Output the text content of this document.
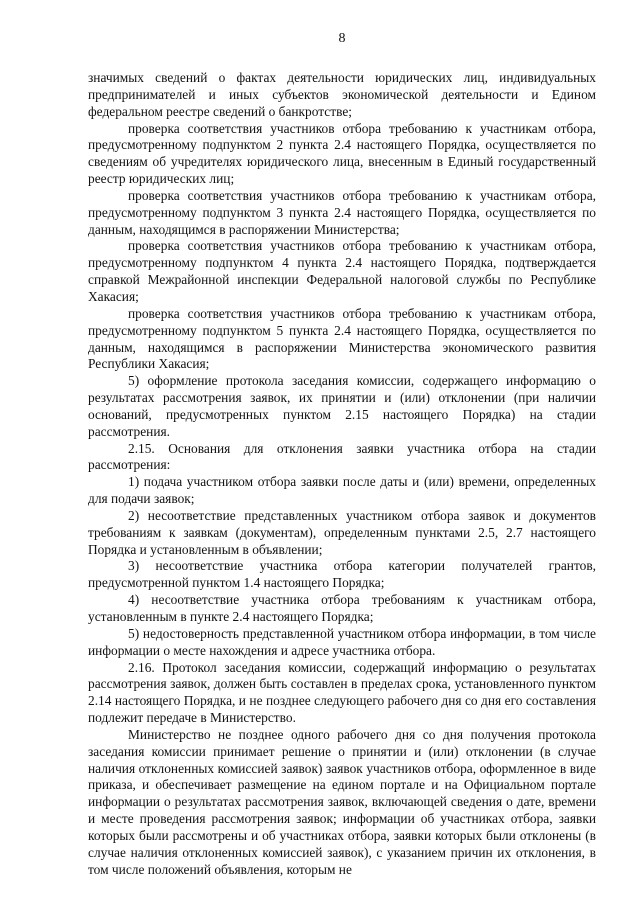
8

значимых сведений о фактах деятельности юридических лиц, индивидуальных предпринимателей и иных субъектов экономической деятельности и Едином федеральном реестре сведений о банкротстве;

проверка соответствия участников отбора требованию к участникам отбора, предусмотренному подпунктом 2 пункта 2.4 настоящего Порядка, осуществляется по сведениям об учредителях юридического лица, внесенным в Единый государственный реестр юридических лиц;

проверка соответствия участников отбора требованию к участникам отбора, предусмотренному подпунктом 3 пункта 2.4 настоящего Порядка, осуществляется по данным, находящимся в распоряжении Министерства;

проверка соответствия участников отбора требованию к участникам отбора, предусмотренному подпунктом 4 пункта 2.4 настоящего Порядка, подтверждается справкой Межрайонной инспекции Федеральной налоговой службы по Республике Хакасия;

проверка соответствия участников отбора требованию к участникам отбора, предусмотренному подпунктом 5 пункта 2.4 настоящего Порядка, осуществляется по данным, находящимся в распоряжении Министерства экономического развития Республики Хакасия;

5) оформление протокола заседания комиссии, содержащего информацию о результатах рассмотрения заявок, их принятии и (или) отклонении (при наличии оснований, предусмотренных пунктом 2.15 настоящего Порядка) на стадии рассмотрения.

2.15. Основания для отклонения заявки участника отбора на стадии рассмотрения:

1) подача участником отбора заявки после даты и (или) времени, определенных для подачи заявок;

2) несоответствие представленных участником отбора заявок и документов требованиям к заявкам (документам), определенным пунктами 2.5, 2.7 настоящего Порядка и установленным в объявлении;

3) несоответствие участника отбора категории получателей грантов, предусмотренной пунктом 1.4 настоящего Порядка;

4) несоответствие участника отбора требованиям к участникам отбора, установленным в пункте 2.4 настоящего Порядка;

5) недостоверность представленной участником отбора информации, в том числе информации о месте нахождения и адресе участника отбора.

2.16. Протокол заседания комиссии, содержащий информацию о результатах рассмотрения заявок, должен быть составлен в пределах срока, установленного пунктом 2.14 настоящего Порядка, и не позднее следующего рабочего дня со дня его составления подлежит передаче в Министерство.

Министерство не позднее одного рабочего дня со дня получения протокола заседания комиссии принимает решение о принятии и (или) отклонении (в случае наличия отклоненных комиссией заявок) заявок участников отбора, оформленное в виде приказа, и обеспечивает размещение на едином портале и на Официальном портале информации о результатах рассмотрения заявок, включающей сведения о дате, времени и месте проведения рассмотрения заявок; информации об участниках отбора, заявки которых были рассмотрены и об участниках отбора, заявки которых были отклонены (в случае наличия отклоненных комиссией заявок), с указанием причин их отклонения, в том числе положений объявления, которым не
